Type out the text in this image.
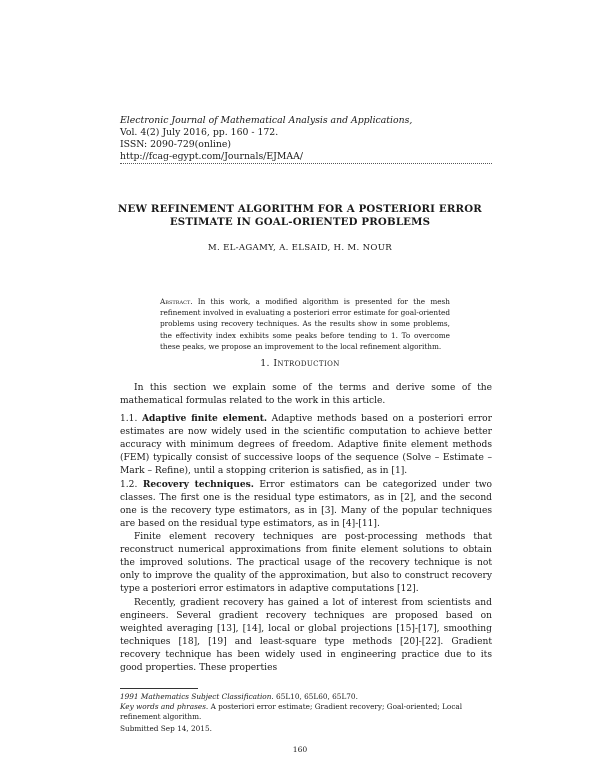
Electronic Journal of Mathematical Analysis and Applications,
Vol. 4(2) July 2016, pp. 160 - 172.
ISSN: 2090-729(online)
http://fcag-egypt.com/Journals/EJMAA/
NEW REFINEMENT ALGORITHM FOR A POSTERIORI ERROR
ESTIMATE IN GOAL-ORIENTED PROBLEMS
M. EL-AGAMY, A. ELSAID, H. M. NOUR
Abstract. In this work, a modified algorithm is presented for the mesh refinement involved in evaluating a posteriori error estimate for goal-oriented problems using recovery techniques. As the results show in some problems, the effectivity index exhibits some peaks before tending to 1. To overcome these peaks, we propose an improvement to the local refinement algorithm.
1. Introduction
In this section we explain some of the terms and derive some of the mathematical formulas related to the work in this article.
1.1. Adaptive finite element. Adaptive methods based on a posteriori error estimates are now widely used in the scientific computation to achieve better accuracy with minimum degrees of freedom. Adaptive finite element methods (FEM) typically consist of successive loops of the sequence (Solve – Estimate – Mark – Refine), until a stopping criterion is satisfied, as in [1].
1.2. Recovery techniques. Error estimators can be categorized under two classes. The first one is the residual type estimators, as in [2], and the second one is the recovery type estimators, as in [3]. Many of the popular techniques are based on the residual type estimators, as in [4]-[11].
Finite element recovery techniques are post-processing methods that reconstruct numerical approximations from finite element solutions to obtain the improved solutions. The practical usage of the recovery technique is not only to improve the quality of the approximation, but also to construct recovery type a posteriori error estimators in adaptive computations [12].
Recently, gradient recovery has gained a lot of interest from scientists and engineers. Several gradient recovery techniques are proposed based on weighted averaging [13], [14], local or global projections [15]-[17], smoothing techniques [18], [19] and least-square type methods [20]-[22]. Gradient recovery technique has been widely used in engineering practice due to its good properties. These properties
1991 Mathematics Subject Classification. 65L10, 65L60, 65L70.
Key words and phrases. A posteriori error estimate; Gradient recovery; Goal-oriented; Local refinement algorithm.
Submitted Sep 14, 2015.
160
